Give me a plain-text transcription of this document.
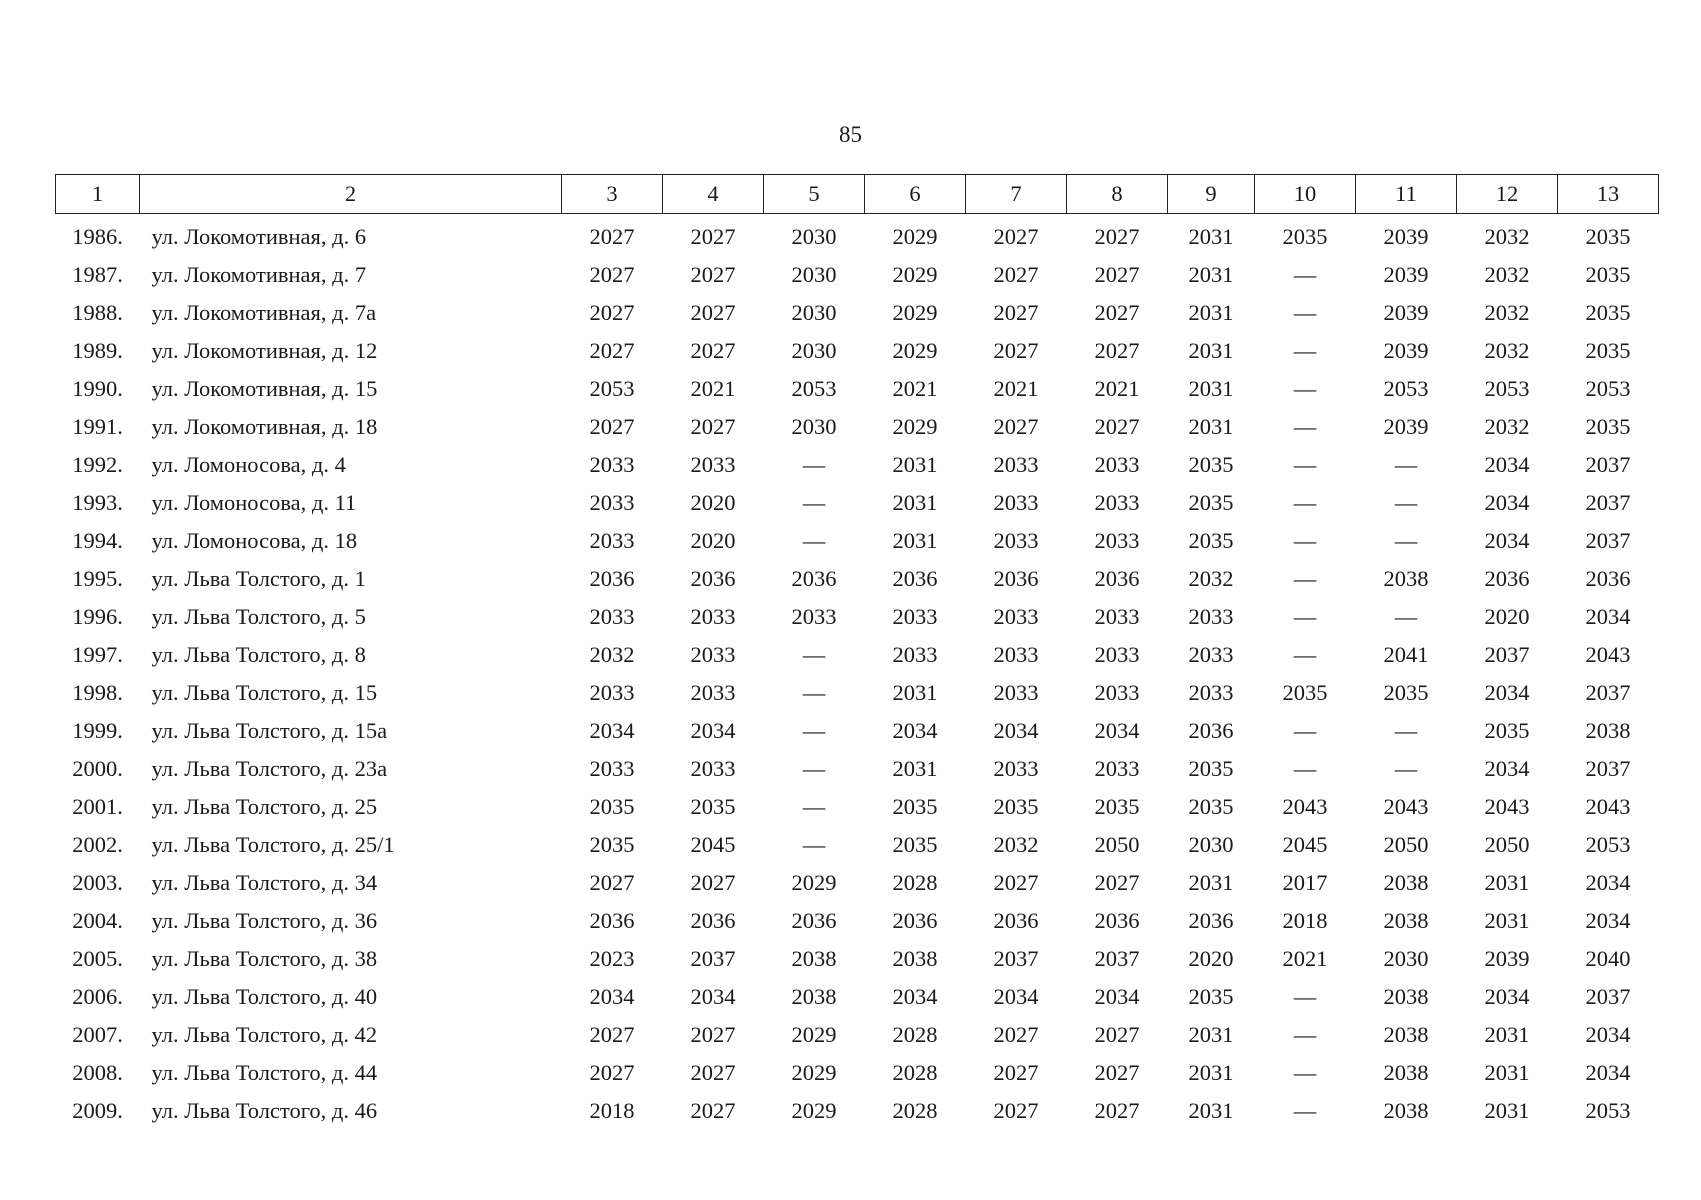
85
1	2	3	4	5	6	7	8	9	10	11	12	13
1986.	ул. Локомотивная, д. 6	2027	2027	2030	2029	2027	2027	2031	2035	2039	2032	2035
1987.	ул. Локомотивная, д. 7	2027	2027	2030	2029	2027	2027	2031	—	2039	2032	2035
1988.	ул. Локомотивная, д. 7а	2027	2027	2030	2029	2027	2027	2031	—	2039	2032	2035
1989.	ул. Локомотивная, д. 12	2027	2027	2030	2029	2027	2027	2031	—	2039	2032	2035
1990.	ул. Локомотивная, д. 15	2053	2021	2053	2021	2021	2021	2031	—	2053	2053	2053
1991.	ул. Локомотивная, д. 18	2027	2027	2030	2029	2027	2027	2031	—	2039	2032	2035
1992.	ул. Ломоносова, д. 4	2033	2033	—	2031	2033	2033	2035	—	—	2034	2037
1993.	ул. Ломоносова, д. 11	2033	2020	—	2031	2033	2033	2035	—	—	2034	2037
1994.	ул. Ломоносова, д. 18	2033	2020	—	2031	2033	2033	2035	—	—	2034	2037
1995.	ул. Льва Толстого, д. 1	2036	2036	2036	2036	2036	2036	2032	—	2038	2036	2036
1996.	ул. Льва Толстого, д. 5	2033	2033	2033	2033	2033	2033	2033	—	—	2020	2034
1997.	ул. Льва Толстого, д. 8	2032	2033	—	2033	2033	2033	2033	—	2041	2037	2043
1998.	ул. Льва Толстого, д. 15	2033	2033	—	2031	2033	2033	2033	2035	2035	2034	2037
1999.	ул. Льва Толстого, д. 15а	2034	2034	—	2034	2034	2034	2036	—	—	2035	2038
2000.	ул. Льва Толстого, д. 23а	2033	2033	—	2031	2033	2033	2035	—	—	2034	2037
2001.	ул. Льва Толстого, д. 25	2035	2035	—	2035	2035	2035	2035	2043	2043	2043	2043
2002.	ул. Льва Толстого, д. 25/1	2035	2045	—	2035	2032	2050	2030	2045	2050	2050	2053
2003.	ул. Льва Толстого, д. 34	2027	2027	2029	2028	2027	2027	2031	2017	2038	2031	2034
2004.	ул. Льва Толстого, д. 36	2036	2036	2036	2036	2036	2036	2036	2018	2038	2031	2034
2005.	ул. Льва Толстого, д. 38	2023	2037	2038	2038	2037	2037	2020	2021	2030	2039	2040
2006.	ул. Льва Толстого, д. 40	2034	2034	2038	2034	2034	2034	2035	—	2038	2034	2037
2007.	ул. Льва Толстого, д. 42	2027	2027	2029	2028	2027	2027	2031	—	2038	2031	2034
2008.	ул. Льва Толстого, д. 44	2027	2027	2029	2028	2027	2027	2031	—	2038	2031	2034
2009.	ул. Льва Толстого, д. 46	2018	2027	2029	2028	2027	2027	2031	—	2038	2031	2053
